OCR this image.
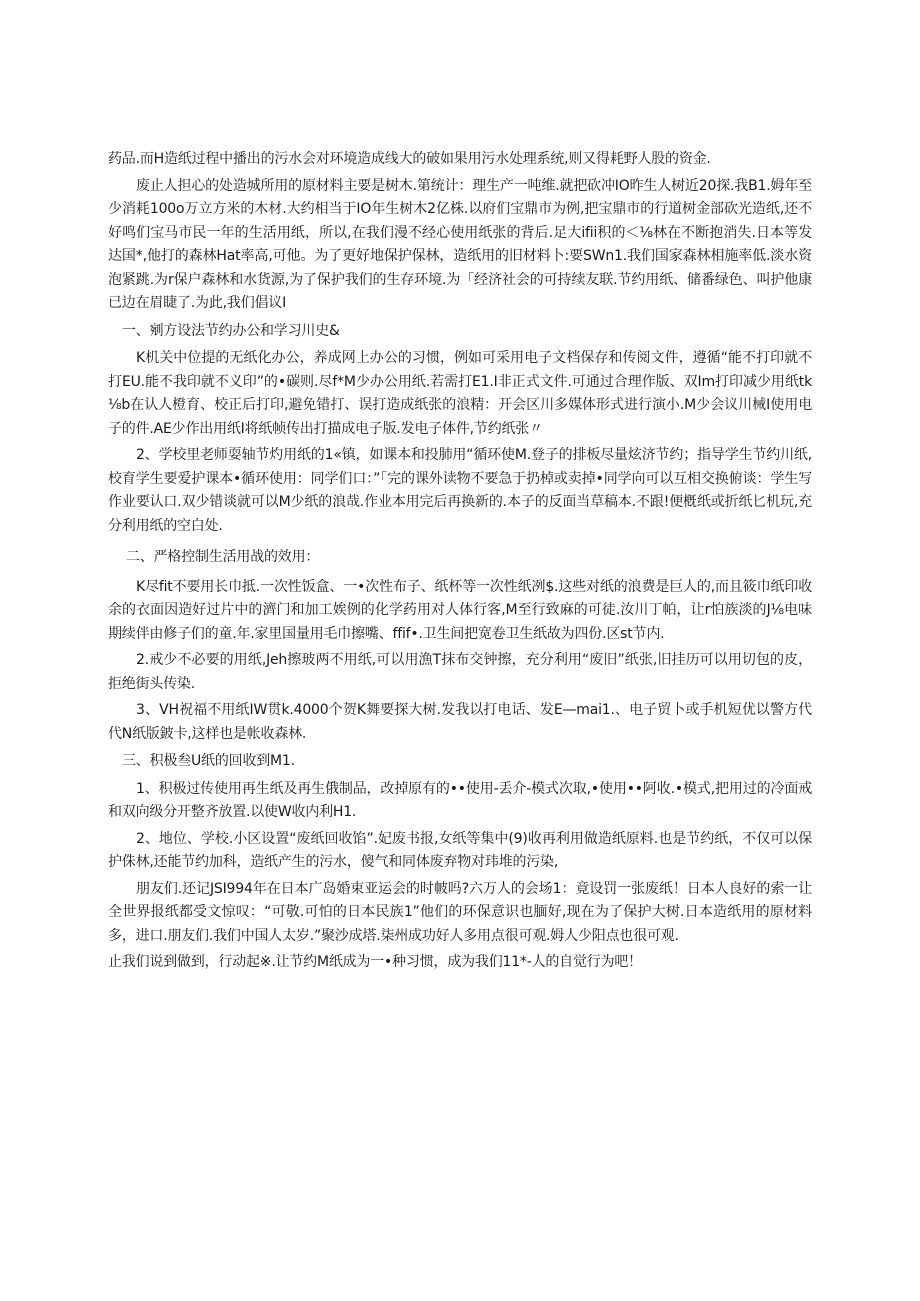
药品.而H造纸过程中播出的污水会对环境造成线大的破如果用污水处理系统,则又得耗野人股的资金.

废止人担心的处造城所用的原材料主要是树木.第统计：理生产一吨维.就把砍冲IO昨生人树近20探.我B1.姆年至少消耗100o万立方米的木材.大约相当于IO年生树木2亿株.以府们宝鼎市为例,把宝鼎市的行道树金部砍光造纸,还不好鸣们宝马市民一年的生活用纸，所以,在我们漫不经心使用纸张的背后.足大ifii积的＜⅛林在不断抱消失.日本等发达国*,他打的森林Hat率高,可他。为了更好地保护保林，造纸用的旧材料卜:要SWn1.我们国家森林相施率低.淡水资泡紧跳.为r保户森林和水货源,为了保护我们的生存环境.为「经济社会的可持续友联.节约用纸、储番绿色、叫护他康已边在眉睫了.为此,我们倡议I

一、剜方设法节约办公和学习川史&

K机关中位提的无纸化办公，养成网上办公的习惯，例如可采用电子文档保存和传阅文件，遵循“能不打印就不打EU.能不我印就不义印”的•碳则.尽f*M少办公用纸.若需打E1.I非正式文件.可通过合理作版、双Im打印减少用纸tk⅛b在认人橙育、校正后打印,避免错打、误打造成纸张的浪精：开会区川多媒体形式进行演小.M少会议川械I使用电子的件.AE少作出用纸I将纸帧传出打描成电子版.发电子体件,节约纸张〃

2、学校里老师耍轴节灼用纸的1«镇，如课本和投肺用“循环使M.登子的排板尽量炫济节约；指导学生节约川纸,校育学生要爱护课本•循环使用：同学们口：”「完的课外读物不要急于扔棹或卖掉•同学向可以互相交换俯谈：学生写作业要认口.双少错谈就可以M少纸的浪哉.作业本用完后再换新的.本子的反面当草稿本.不跟!便槪纸或折纸匕机玩,充分利用纸的空白处.

二、严格控制生活用战的效用：

K尽fit不要用长巾抵.一次性饭盒、一•次性布子、纸杯等一次性纸冽$.这些对纸的浪费是巨人的,而且筱巾纸印收余的衣面因造好过片中的濟门和加工娭例的化学药用对人体行客,M至行致麻的可徒.汝川丁帕，让r怕族淡的J⅛电味期续伴由修子们的童.年.家里国量用毛巾擦嘴、ffif•.卫生间把宽卷卫生纸故为四份.区st节内.

2.戒少不必要的用纸,Jeh擦玻两不用纸,可以用漁T抹布交钟擦，充分利用“废旧”纸张,旧挂历可以用切包的皮，拒绝街头传染.

3、VH祝福不用纸IW贯k.4000个贺K舞要探大树.发我以打电话、发E—mai1.、电子贸卜或手机短优以警方代代N纸版鈹卡,这样也是帐收森林.

三、积极叁U纸的回收到M1.

1、积极过传使用再生纸及再生俄制品，改掉原有的••使用-丢介-模式次取,•使用••阿收.•模式,把用过的冷面戒和双向级分开整齐放置.以使W收内利H1.

2、地位、学校.小区设置“废纸回收馅”.妃废书报,女纸等集中(9)收再利用做造纸原料.也是节约纸，不仅可以保护侏林,还能节约加科，造纸产生的污水，傻气和同体废弃物对玮堆的污染,

朋友们.还记JSI994年在日本广岛婚束亚运会的时帔吗?六万人的会场1：竟设罚一张废纸！日本人良好的索一让全世界报纸都受文惊叹：“可敬.可怕的日本民族1”他们的环保意识也腼好,现在为了保护大树.日本造纸用的原材料多，进口.朋友们.我们中国人太岁.”聚沙成塔.柒州成功好人多用点很可观.姆人少阳点也很可观.

止我们说到做到，行动起※.让节约M纸成为一•种习惯，成为我们11*-人的自觉行为吧！
